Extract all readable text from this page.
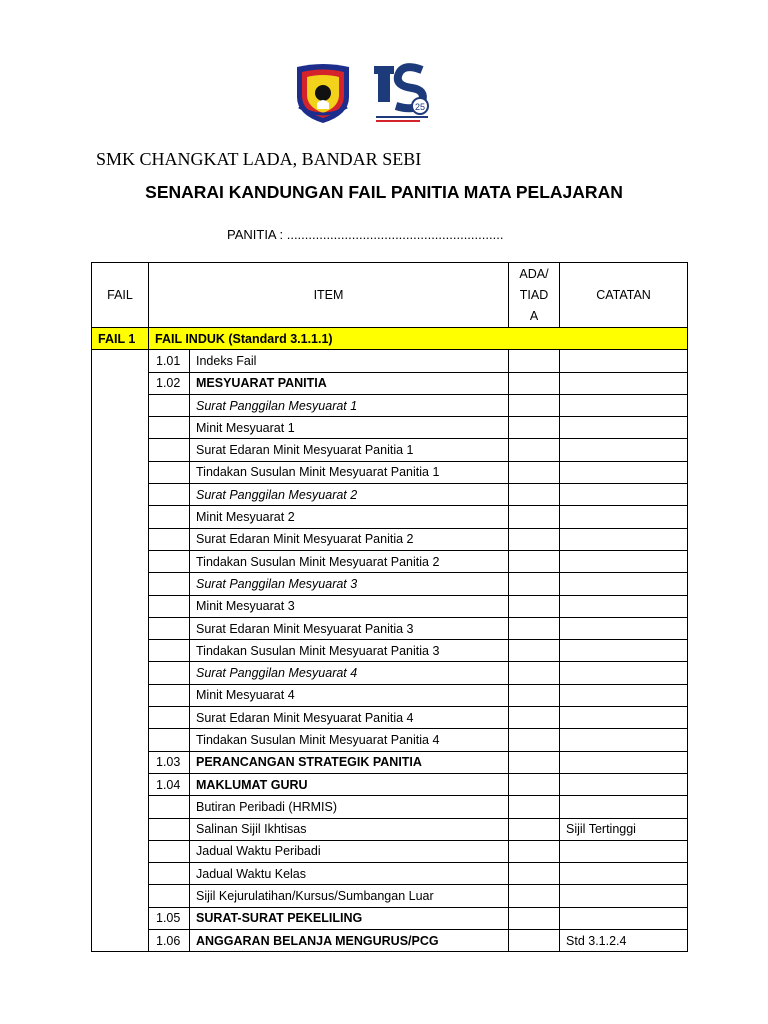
25
SMK CHANGKAT LADA, BANDAR SEBI
SENARAI KANDUNGAN FAIL PANITIA MATA PELAJARAN
PANITIA : ............................................................
FAIL	ITEM		ADA/ TIAD A	CATATAN
FAIL 1	FAIL INDUK (Standard 3.1.1.1)			
	1.01	Indeks Fail		
	1.02	MESYUARAT PANITIA		
		Surat Panggilan Mesyuarat 1		
		Minit Mesyuarat 1		
		Surat Edaran Minit Mesyuarat Panitia 1		
		Tindakan Susulan Minit Mesyuarat Panitia 1		
		Surat Panggilan Mesyuarat 2		
		Minit Mesyuarat 2		
		Surat Edaran Minit Mesyuarat Panitia 2		
		Tindakan Susulan Minit Mesyuarat Panitia 2		
		Surat Panggilan Mesyuarat 3		
		Minit Mesyuarat 3		
		Surat Edaran Minit Mesyuarat Panitia 3		
		Tindakan Susulan Minit Mesyuarat Panitia 3		
		Surat Panggilan Mesyuarat 4		
		Minit Mesyuarat 4		
		Surat Edaran Minit Mesyuarat Panitia 4		
		Tindakan Susulan Minit Mesyuarat Panitia 4		
	1.03	PERANCANGAN STRATEGIK PANITIA		
	1.04	MAKLUMAT GURU		
		Butiran Peribadi (HRMIS)		
		Salinan Sijil Ikhtisas		Sijil Tertinggi
		Jadual Waktu Peribadi		
		Jadual Waktu Kelas		
		Sijil Kejurulatihan/Kursus/Sumbangan Luar		
	1.05	SURAT-SURAT PEKELILING		
	1.06	ANGGARAN BELANJA MENGURUS/PCG		Std 3.1.2.4
